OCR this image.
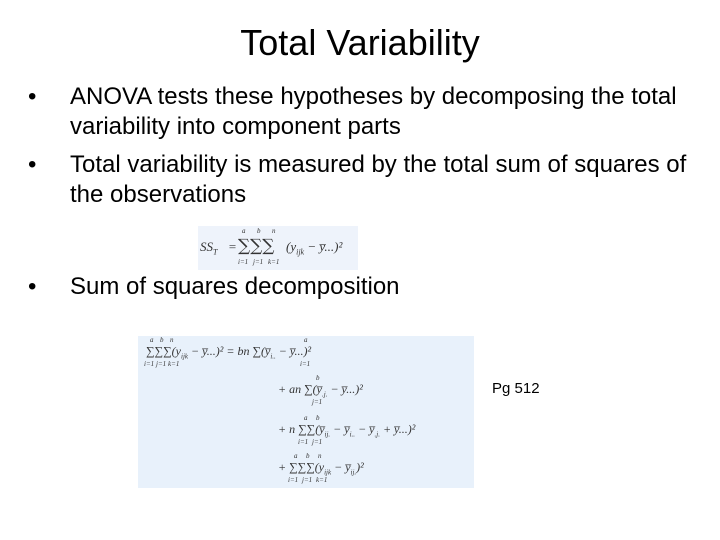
Total Variability
• ANOVA tests these hypotheses by decomposing the total variability into component parts
• Total variability is measured by the total sum of squares of the observations
$SS_T$ = ∑∑∑
a b n
i=1 j=1 k=1
($y_{ijk}$ − y̅...)²
• Sum of squares decomposition
$\sum\sum\sum(y_{ijk}$ − y̅...)² = bn $\sum(y̅_{i..}$ − y̅...)²
a b n	a
i=1 j=1 k=1	i=1
+ an $\sum(y̅_{.j.}$ − y̅...)²
b
j=1
+ n $\sum\sum(y̅_{ij.}$ − $y̅_{i..}$ − $y̅_{.j.}$ + y̅...)²
a b
i=1 j=1
+ $\sum\sum\sum(y_{ijk}$ − $y̅_{ij.})^2$
a b n
i=1 j=1 k=1
Pg 512
